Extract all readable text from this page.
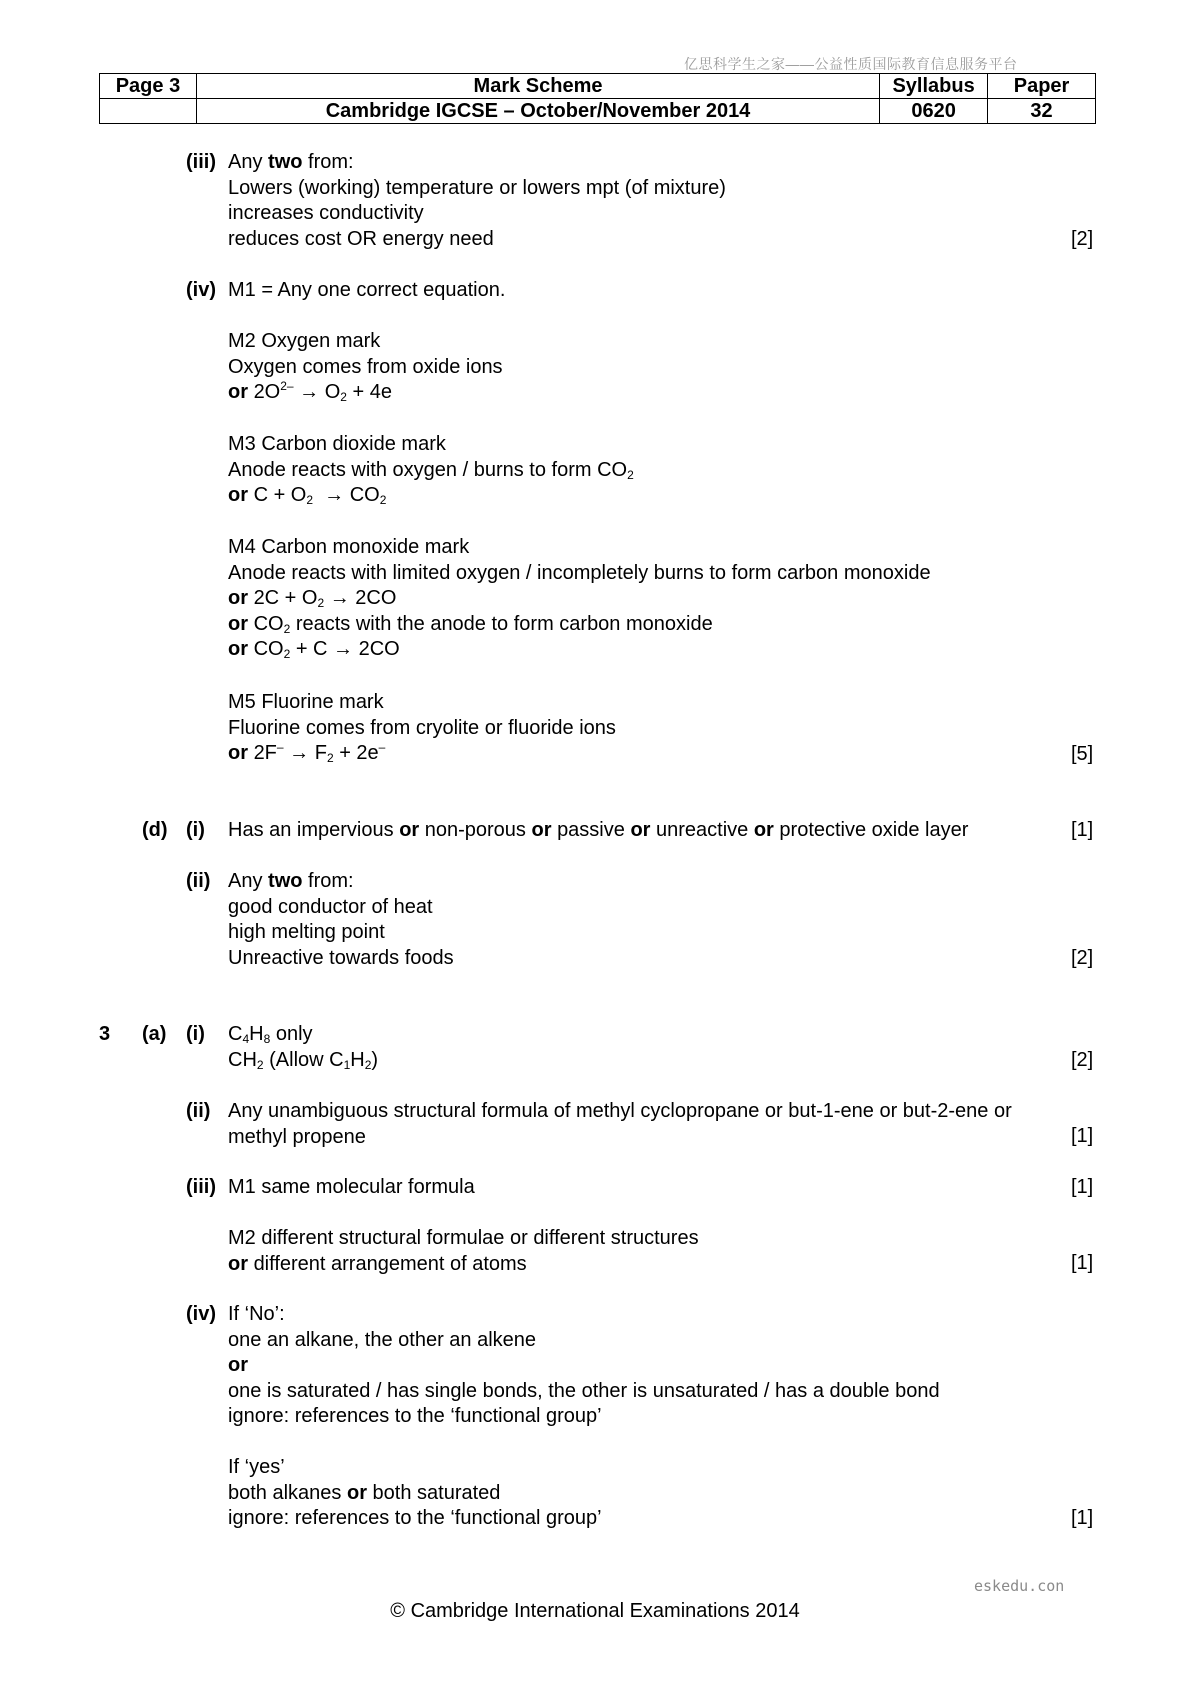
亿思科学生之家——公益性质国际教育信息服务平台
Page 3	Mark Scheme	Syllabus	Paper
	Cambridge IGCSE – October/November 2014	0620	32
(iii) Any two from:
Lowers (working) temperature or lowers mpt (of mixture)
increases conductivity
reduces cost OR energy need	[2]
(iv) M1 = Any one correct equation.
M2 Oxygen mark
Oxygen comes from oxide ions
or $2O^{2-} \to O_2 + 4e$
M3 Carbon dioxide mark
Anode reacts with oxygen / burns to form $CO_2$
or $C + O_2 \to CO_2$
M4 Carbon monoxide mark
Anode reacts with limited oxygen / incompletely burns to form carbon monoxide
or $2C + O_2 \to 2CO$
or $CO_2$ reacts with the anode to form carbon monoxide
or $CO_2 + C \to 2CO$
M5 Fluorine mark
Fluorine comes from cryolite or fluoride ions
or $2F^- \to F_2 + 2e^-$	[5]
(d) (i) Has an impervious or non-porous or passive or unreactive or protective oxide layer	[1]
(ii) Any two from:
good conductor of heat
high melting point
Unreactive towards foods	[2]
3 (a) (i) $C_4H_8$ only
$CH_2$ (Allow $C_1H_2$)	[2]
(ii) Any unambiguous structural formula of methyl cyclopropane or but-1-ene or but-2-ene or
methyl propene	[1]
(iii) M1 same molecular formula	[1]
M2 different structural formulae or different structures
or different arrangement of atoms	[1]
(iv) If ‘No’:
one an alkane, the other an alkene
or
one is saturated / has single bonds, the other is unsaturated / has a double bond
ignore: references to the ‘functional group’
If ‘yes’
both alkanes or both saturated
ignore: references to the ‘functional group’	[1]
eskedu.con
© Cambridge International Examinations 2014
